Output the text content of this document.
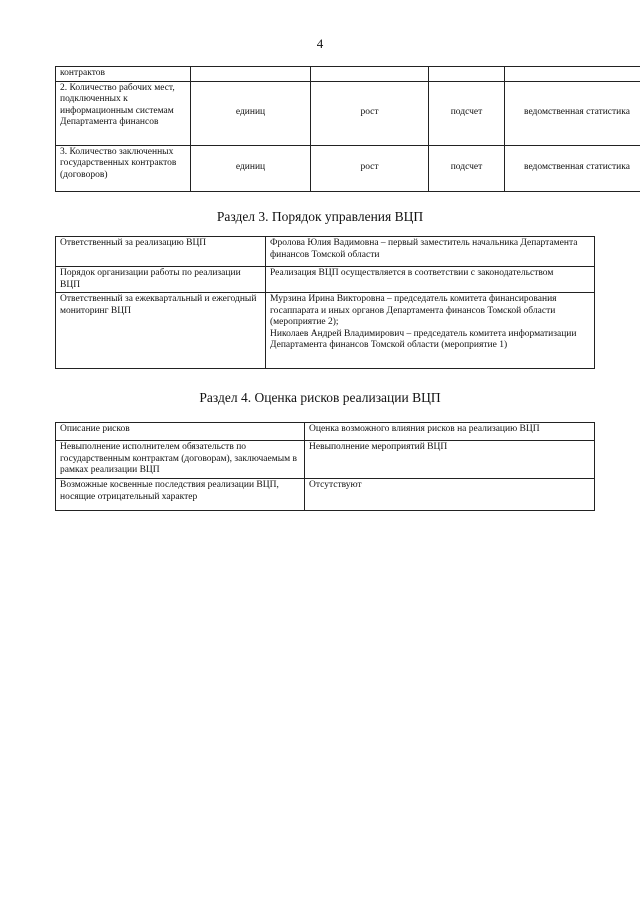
4
контрактов				
2. Количество рабочих мест, подключенных к информационным системам Департамента финансов	единиц	рост	подсчет	ведомственная статистика
3. Количество заключенных государственных контрактов (договоров)	единиц	рост	подсчет	ведомственная статистика
Раздел 3. Порядок управления ВЦП
Ответственный за реализацию ВЦП	Фролова Юлия Вадимовна – первый заместитель начальника Департамента финансов Томской области
Порядок организации работы по реализации ВЦП	Реализация ВЦП осуществляется в соответствии с законодательством
Ответственный за ежеквартальный и ежегодный мониторинг ВЦП	Мурзина Ирина Викторовна – председатель комитета финансирования госаппарата и иных органов Департамента финансов Томской области (мероприятие 2);
Николаев Андрей Владимирович – председатель комитета информатизации Департамента финансов Томской области (мероприятие 1)
Раздел 4. Оценка рисков реализации ВЦП
Описание рисков	Оценка возможного влияния рисков на реализацию ВЦП
Невыполнение исполнителем обязательств по государственным контрактам (договорам), заключаемым в рамках реализации ВЦП	Невыполнение мероприятий ВЦП
Возможные косвенные последствия реализации ВЦП, носящие отрицательный характер	Отсутствуют
